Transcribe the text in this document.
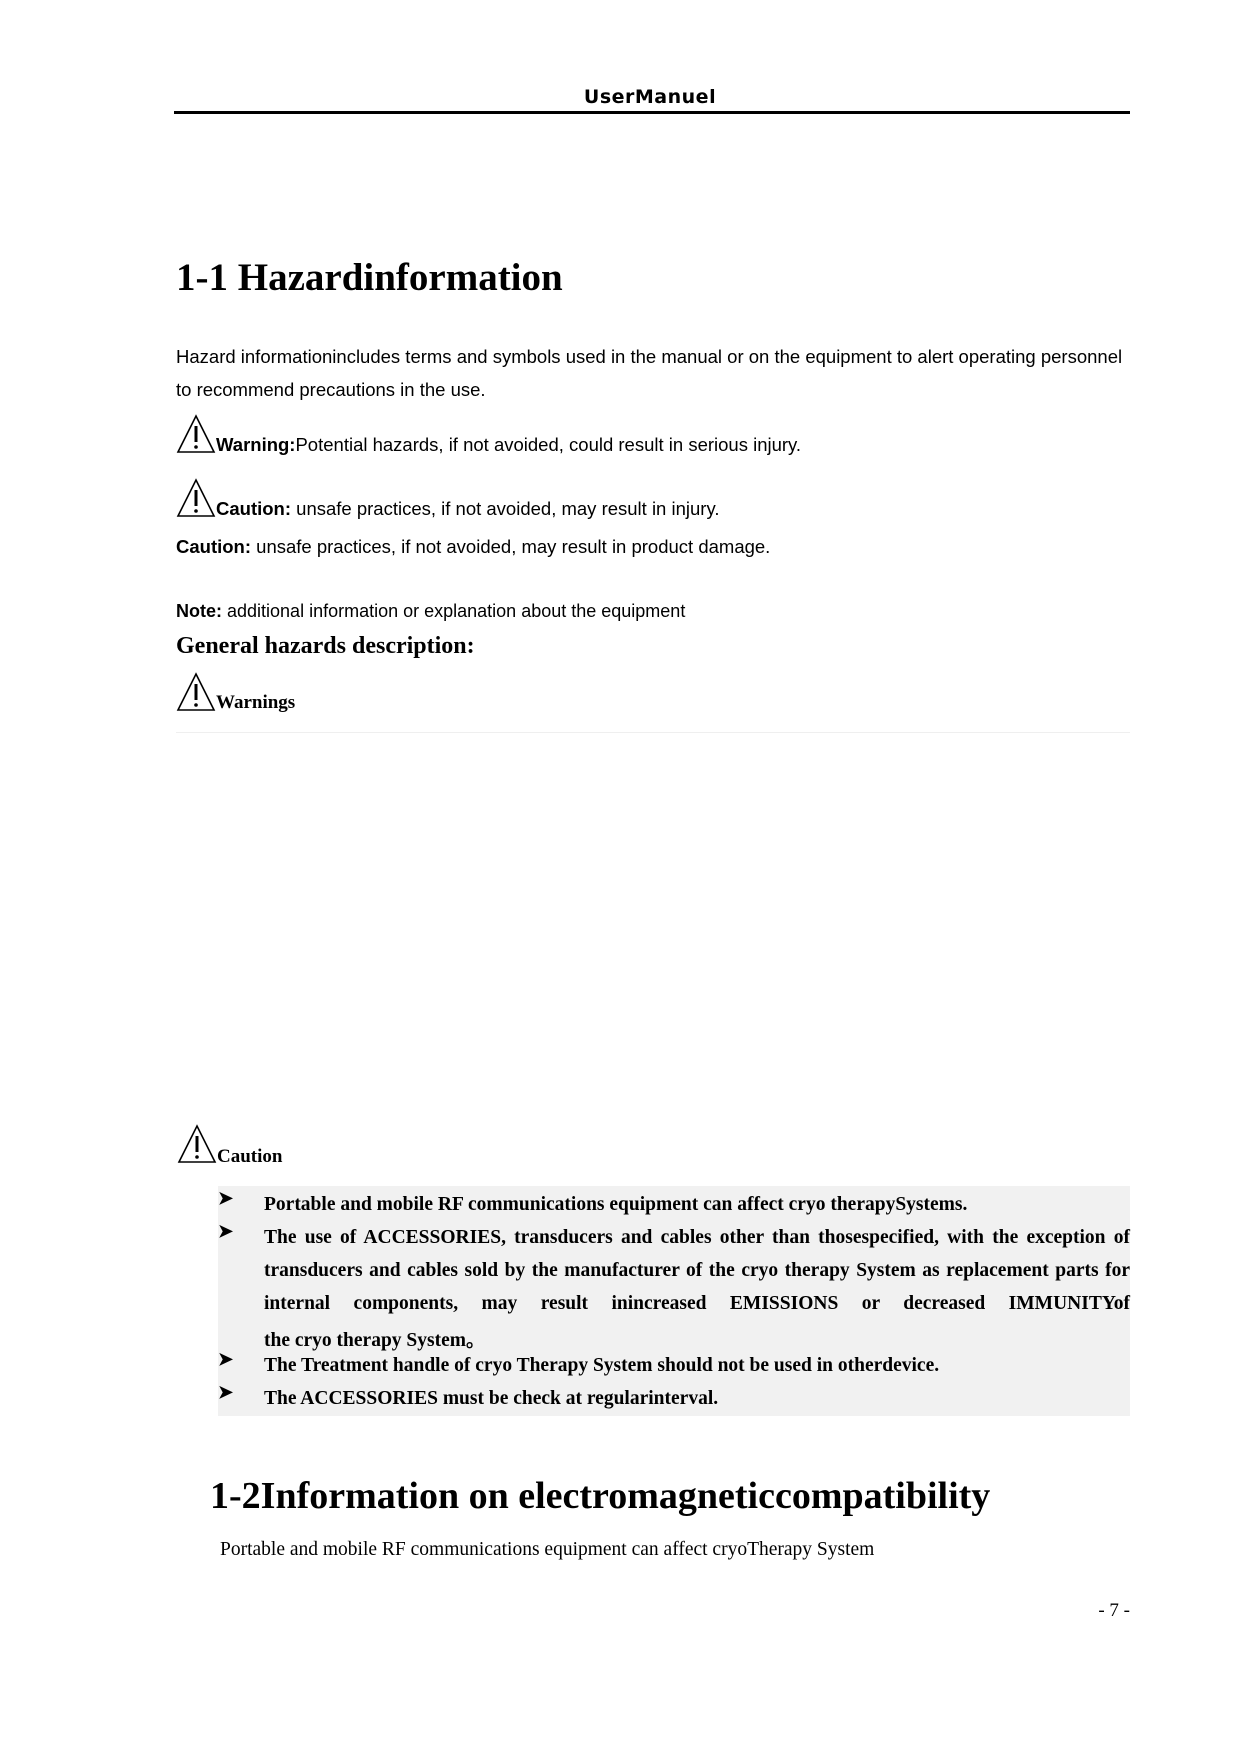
UserManuel
1-1 Hazardinformation
Hazard informationincludes terms and symbols used in the manual or on the equipment to alert operating personnel to recommend precautions in the use.
Warning:Potential hazards, if not avoided, could result in serious injury.
Caution: unsafe practices, if not avoided, may result in injury.
Caution: unsafe practices, if not avoided, may result in product damage.
Note: additional information or explanation about the equipment
General hazards description:
Warnings
Caution
➤	Portable and mobile RF communications equipment can affect cryo therapySystems.
➤	The use of ACCESSORIES, transducers and cables other than thosespecified, with the exception of transducers and cables sold by the manufacturer of the cryo therapy System as replacement parts for internal components, may result inincreased EMISSIONS or decreased IMMUNITYof
the cryo therapy System。
➤	The Treatment handle of cryo Therapy System should not be used in otherdevice.
➤	The ACCESSORIES must be check at regularinterval.
1-2Information on electromagneticcompatibility
Portable and mobile RF communications equipment can affect cryoTherapy System
- 7 -
